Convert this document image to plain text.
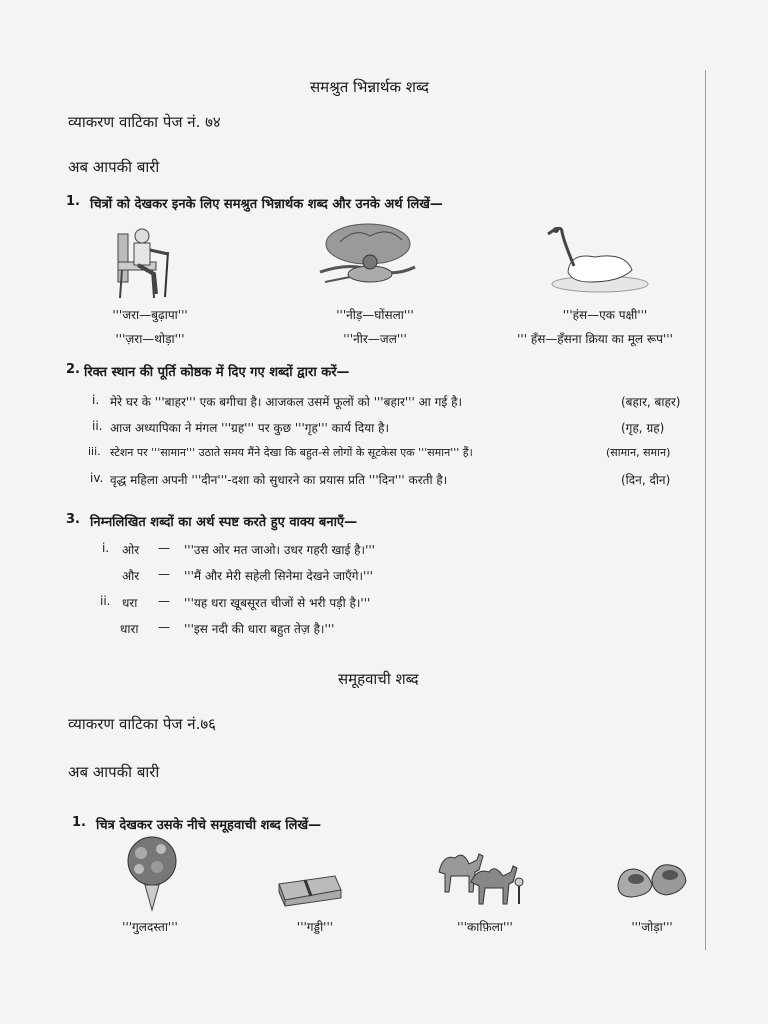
समश्रुत भिन्नार्थक शब्द
व्याकरण वाटिका पेज नं. ७४
अब आपकी बारी
1. चित्रों को देखकर इनके लिए समश्रुत भिन्नार्थक शब्द और उनके अर्थ लिखें—
'''जरा—बुढ़ापा'''
'''ज़रा—थोड़ा'''
'''नीड़—घोंसला'''
'''नीर—जल'''
'''हंस—एक पक्षी'''
''' हँस—हँसना क्रिया का मूल रूप'''
2. रिक्त स्थान की पूर्ति कोष्ठक में दिए गए शब्दों द्वारा करें—
i. मेरे घर के '''बाहर''' एक बगीचा है। आजकल उसमें फूलों को '''बहार''' आ गई है।	(बहार, बाहर)
ii. आज अध्यापिका ने मंगल '''ग्रह''' पर कुछ '''गृह''' कार्य दिया है।	(गृह, ग्रह)
iii. स्टेशन पर '''सामान''' उठाते समय मैंने देखा कि बहुत-से लोगों के सूटकेस एक '''समान''' हैं।	(सामान, समान)
iv. वृद्ध महिला अपनी '''दीन'''-दशा को सुधारने का प्रयास प्रति '''दिन''' करती है।	(दिन, दीन)
3. निम्नलिखित शब्दों का अर्थ स्पष्ट करते हुए वाक्य बनाएँ—
i. ओर — '''उस ओर मत जाओ। उधर गहरी खाई है।'''
और — '''मैं और मेरी सहेली सिनेमा देखने जाएँगे।'''
ii. धरा — '''यह धरा खूबसूरत चीजों से भरी पड़ी है।'''
धारा — '''इस नदी की धारा बहुत तेज़ है।'''
समूहवाची शब्द
व्याकरण वाटिका पेज नं.७६
अब आपकी बारी
1. चित्र देखकर उसके नीचे समूहवाची शब्द लिखें—
'''गुलदस्ता'''	'''गड्डी'''	'''काफ़िला'''	'''जोड़ा'''
